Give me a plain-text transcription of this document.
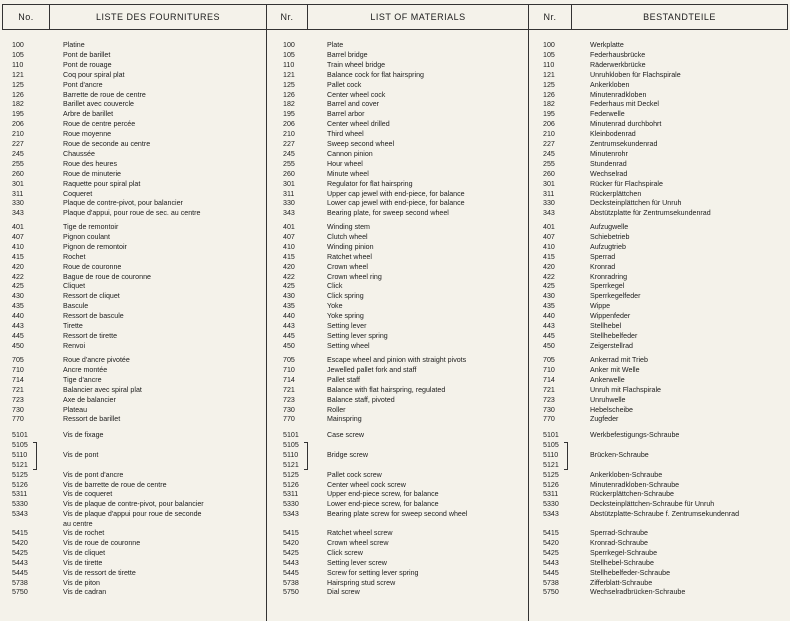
No.	LISTE DES FOURNITURES	Nr.	LIST OF MATERIALS	Nr.	BESTANDTEILE
100	Platine
105	Pont de barillet
110	Pont de rouage
121	Coq pour spiral plat
125	Pont d'ancre
126	Barrette de roue de centre
182	Barillet avec couvercle
195	Arbre de barillet
206	Roue de centre percée
210	Roue moyenne
227	Roue de seconde au centre
245	Chaussée
255	Roue des heures
260	Roue de minuterie
301	Raquette pour spiral plat
311	Coqueret
330	Plaque de contre-pivot, pour balancier
343	Plaque d'appui, pour roue de sec. au centre
401	Tige de remontoir
407	Pignon coulant
410	Pignon de remontoir
415	Rochet
420	Roue de couronne
422	Bague de roue de couronne
425	Cliquet
430	Ressort de cliquet
435	Bascule
440	Ressort de bascule
443	Tirette
445	Ressort de tirette
450	Renvoi
705	Roue d'ancre pivotée
710	Ancre montée
714	Tige d'ancre
721	Balancier avec spiral plat
723	Axe de balancier
730	Plateau
770	Ressort de barillet
5101	Vis de fixage
5105
5110	Vis de pont
5121
5125	Vis de pont d'ancre
5126	Vis de barrette de roue de centre
5311	Vis de coqueret
5330	Vis de plaque de contre-pivot, pour balancier
5343	Vis de plaque d'appui pour roue de seconde
au centre
5415	Vis de rochet
5420	Vis de roue de couronne
5425	Vis de cliquet
5443	Vis de tirette
5445	Vis de ressort de tirette
5738	Vis de piton
5750	Vis de cadran
100	Plate
105	Barrel bridge
110	Train wheel bridge
121	Balance cock for flat hairspring
125	Pallet cock
126	Center wheel cock
182	Barrel and cover
195	Barrel arbor
206	Center wheel drilled
210	Third wheel
227	Sweep second wheel
245	Cannon pinion
255	Hour wheel
260	Minute wheel
301	Regulator for flat hairspring
311	Upper cap jewel with end-piece, for balance
330	Lower cap jewel with end-piece, for balance
343	Bearing plate, for sweep second wheel
401	Winding stem
407	Clutch wheel
410	Winding pinion
415	Ratchet wheel
420	Crown wheel
422	Crown wheel ring
425	Click
430	Click spring
435	Yoke
440	Yoke spring
443	Setting lever
445	Setting lever spring
450	Setting wheel
705	Escape wheel and pinion with straight pivots
710	Jewelled pallet fork and staff
714	Pallet staff
721	Balance with flat hairspring, regulated
723	Balance staff, pivoted
730	Roller
770	Mainspring
5101	Case screw
5105
5110	Bridge screw
5121
5125	Pallet cock screw
5126	Center wheel cock screw
5311	Upper end-piece screw, for balance
5330	Lower end-piece screw, for balance
5343	Bearing plate screw for sweep second wheel
5415	Ratchet wheel screw
5420	Crown wheel screw
5425	Click screw
5443	Setting lever screw
5445	Screw for setting lever spring
5738	Hairspring stud screw
5750	Dial screw
100	Werkplatte
105	Federhausbrücke
110	Räderwerkbrücke
121	Unruhkloben für Flachspirale
125	Ankerkloben
126	Minutenradkloben
182	Federhaus mit Deckel
195	Federwelle
206	Minutenrad durchbohrt
210	Kleinbodenrad
227	Zentrumsekundenrad
245	Minutenrohr
255	Stundenrad
260	Wechselrad
301	Rücker für Flachspirale
311	Rückerplättchen
330	Decksteinplättchen für Unruh
343	Abstützplatte für Zentrumsekundenrad
401	Aufzugwelle
407	Schiebetrieb
410	Aufzugtrieb
415	Sperrad
420	Kronrad
422	Kronradring
425	Sperrkegel
430	Sperrkegelfeder
435	Wippe
440	Wippenfeder
443	Stellhebel
445	Stellhebelfeder
450	Zeigerstellrad
705	Ankerrad mit Trieb
710	Anker mit Welle
714	Ankerwelle
721	Unruh mit Flachspirale
723	Unruhwelle
730	Hebelscheibe
770	Zugfeder
5101	Werkbefestigungs-Schraube
5105
5110	Brücken-Schraube
5121
5125	Ankerkloben-Schraube
5126	Minutenradkloben-Schraube
5311	Rückerplättchen-Schraube
5330	Decksteinplättchen-Schraube für Unruh
5343	Abstützplatte-Schraube f. Zentrumsekundenrad
5415	Sperrad-Schraube
5420	Kronrad-Schraube
5425	Sperrkegel-Schraube
5443	Stellhebel-Schraube
5445	Stellhebelfeder-Schraube
5738	Zifferblatt-Schraube
5750	Wechselradbrücken-Schraube
